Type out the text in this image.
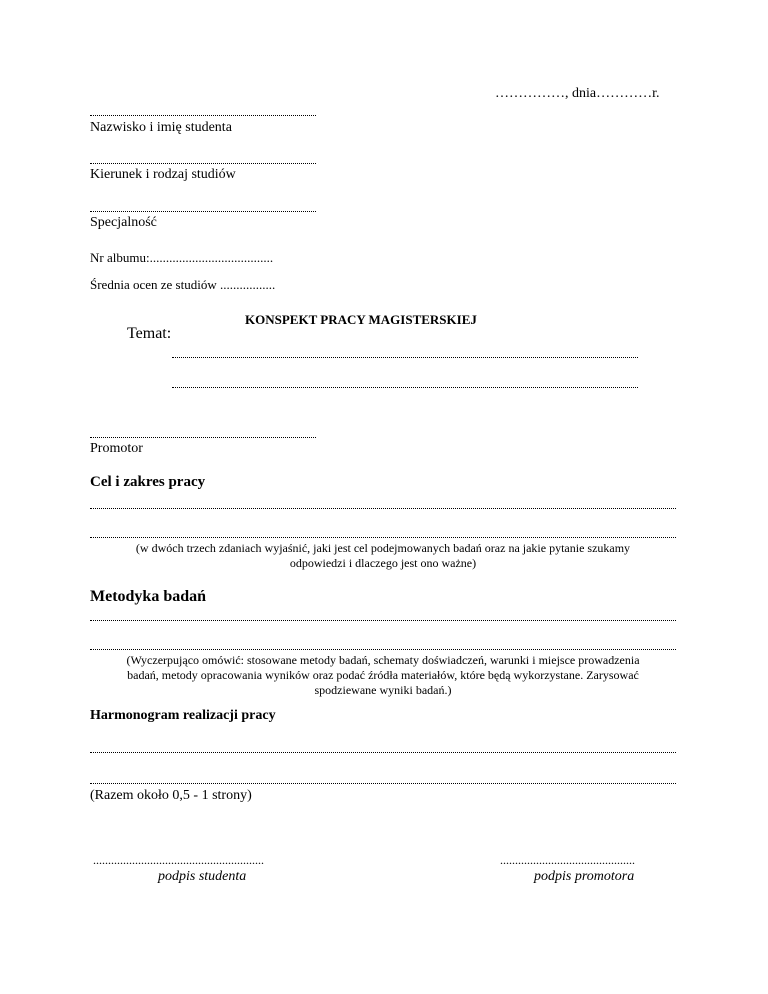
……………, dnia…………r.
Nazwisko i imię studenta
Kierunek i rodzaj studiów
Specjalność
Nr albumu:......................................
Średnia ocen ze studiów .................
KONSPEKT PRACY MAGISTERSKIEJ
Temat:
Promotor
Cel i zakres pracy
(w dwóch trzech zdaniach wyjaśnić, jaki jest cel podejmowanych badań oraz na jakie pytanie szukamy
odpowiedzi i dlaczego jest ono ważne)
Metodyka badań
(Wyczerpująco omówić: stosowane metody badań, schematy doświadczeń, warunki i miejsce prowadzenia
badań, metody opracowania wyników oraz podać źródła materiałów, które będą wykorzystane. Zarysować
spodziewane wyniki badań.)
Harmonogram realizacji pracy
(Razem około 0,5 - 1 strony)
.........................................................
podpis studenta
.............................................
podpis promotora
